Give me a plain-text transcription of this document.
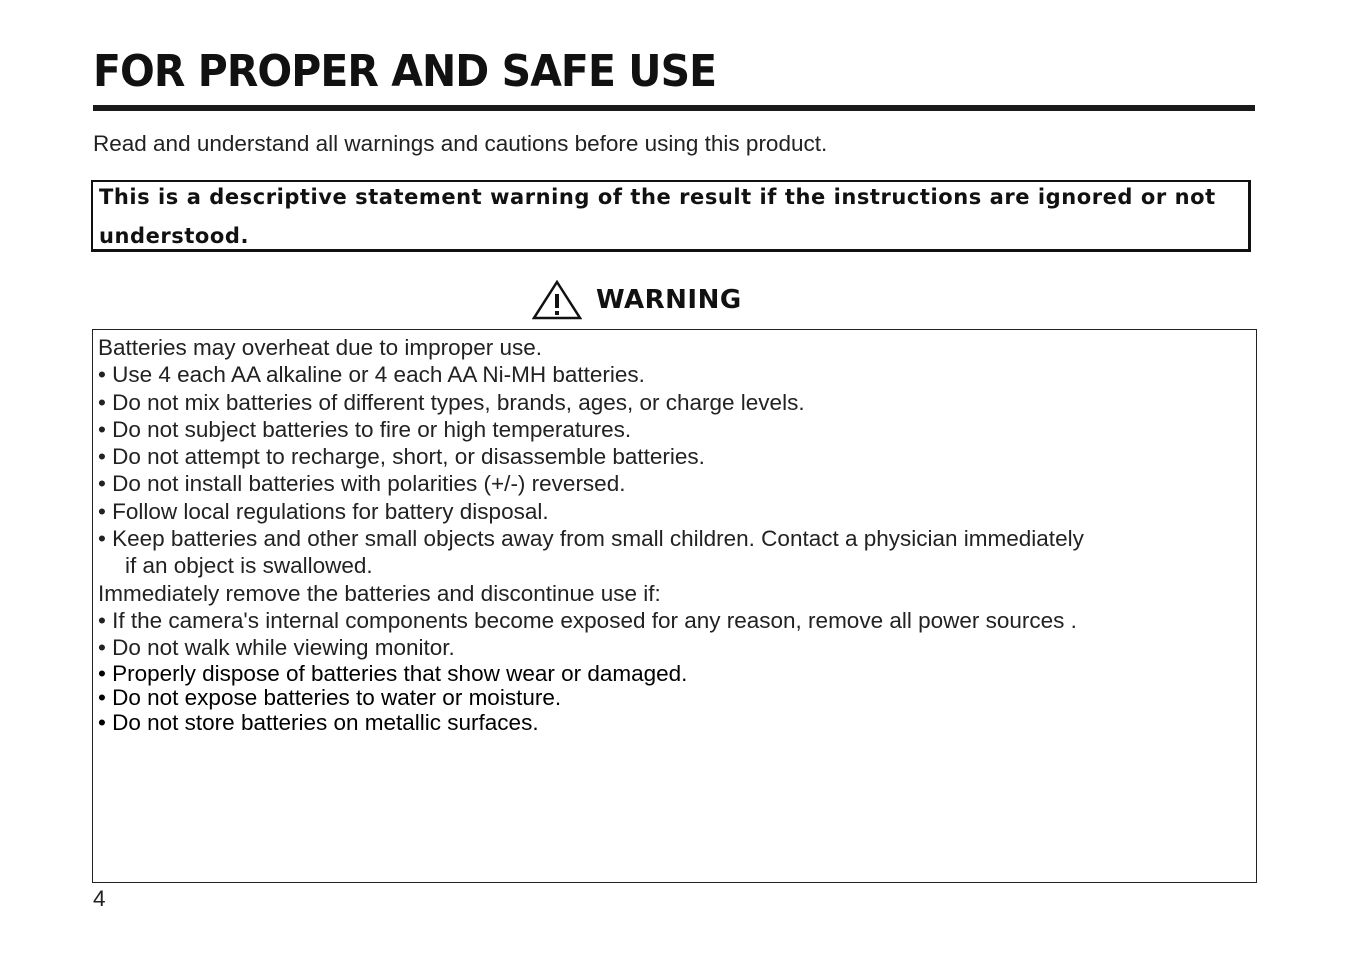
FOR PROPER AND SAFE USE
Read and understand all warnings and cautions before using this product.

This is a descriptive statement warning of the result if the instructions are ignored or not understood.

WARNING
Batteries may overheat due to improper use.
• Use 4 each AA alkaline or 4 each AA Ni-MH batteries.
• Do not mix batteries of different types, brands, ages, or charge levels.
• Do not subject batteries to fire or high temperatures.
• Do not attempt to recharge, short, or disassemble batteries.
• Do not install batteries with polarities (+/-) reversed.
• Follow local regulations for battery disposal.
• Keep batteries and other small objects away from small children. Contact a physician immediately
if an object is swallowed.
Immediately remove the batteries and discontinue use if:
• If the camera's internal components become exposed for any reason, remove all power sources .
• Do not walk while viewing monitor.
• Properly dispose of batteries that show wear or damaged.
• Do not expose batteries to water or moisture.
• Do not store batteries on metallic surfaces.
4
